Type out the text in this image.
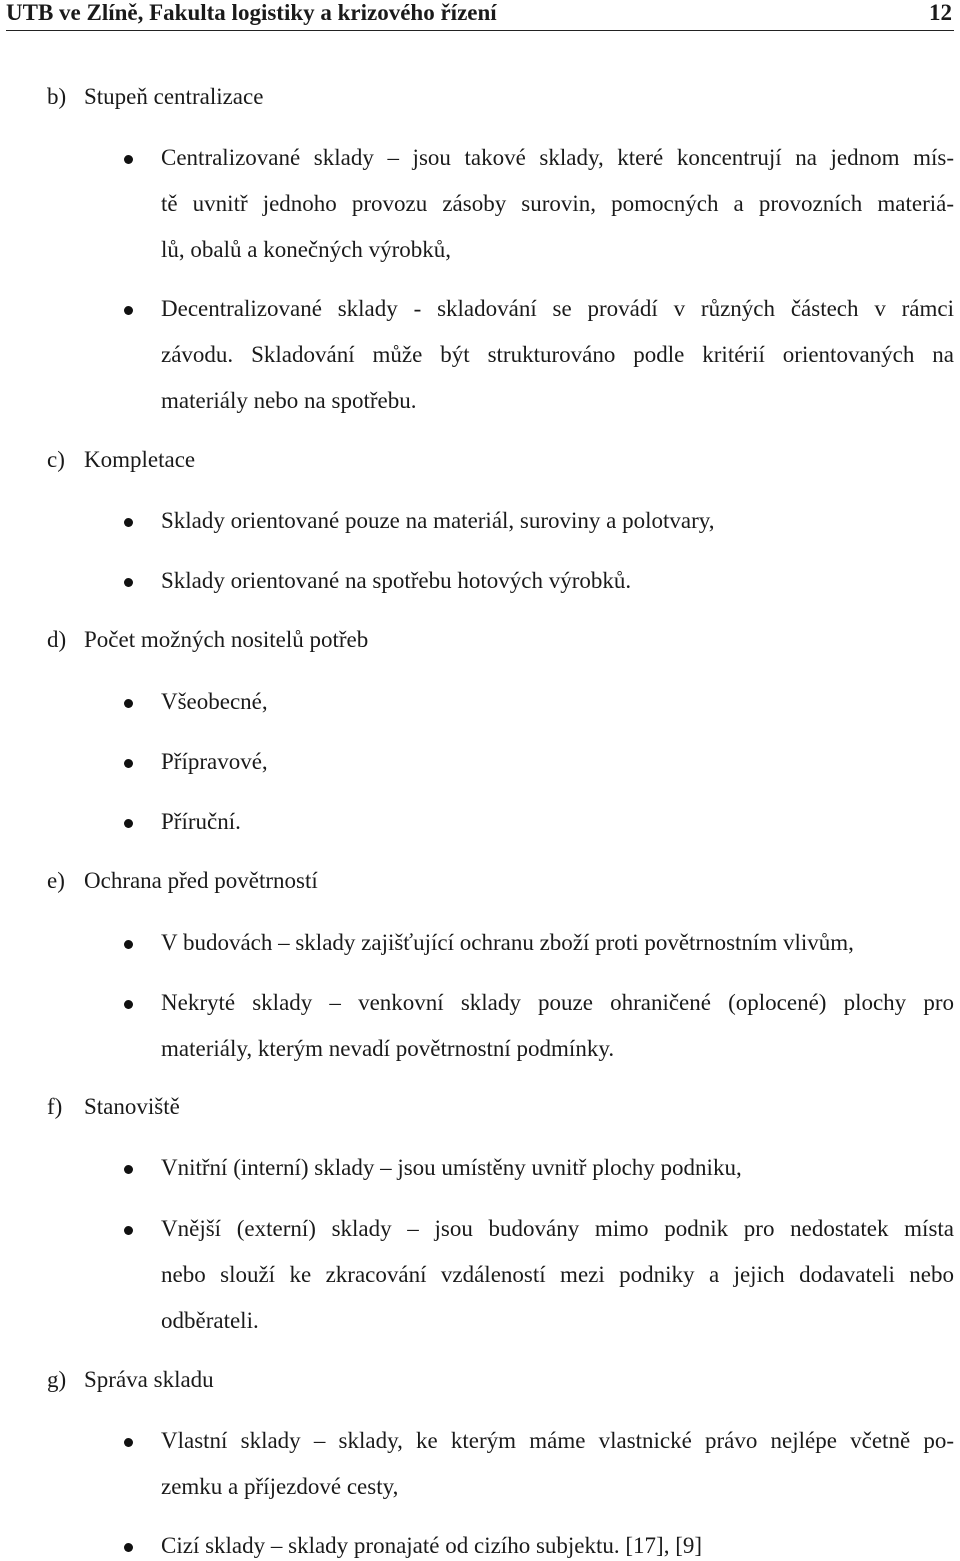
UTB ve Zlíně, Fakulta logistiky a krizového řízení	12
b) Stupeň centralizace
Centralizované sklady – jsou takové sklady, které koncentrují na jednom mís-
tě uvnitř jednoho provozu zásoby surovin, pomocných a provozních materiá-
lů, obalů a konečných výrobků,
Decentralizované sklady - skladování se provádí v různých částech v rámci
závodu. Skladování může být strukturováno podle kritérií orientovaných na
materiály nebo na spotřebu.
c) Kompletace
Sklady orientované pouze na materiál, suroviny a polotvary,
Sklady orientované na spotřebu hotových výrobků.
d) Počet možných nositelů potřeb
Všeobecné,
Přípravové,
Příruční.
e) Ochrana před povětrností
V budovách – sklady zajišťující ochranu zboží proti povětrnostním vlivům,
Nekryté sklady – venkovní sklady pouze ohraničené (oplocené) plochy pro
materiály, kterým nevadí povětrnostní podmínky.
f) Stanoviště
Vnitřní (interní) sklady – jsou umístěny uvnitř plochy podniku,
Vnější (externí) sklady – jsou budovány mimo podnik pro nedostatek místa
nebo slouží ke zkracování vzdáleností mezi podniky a jejich dodavateli nebo
odběrateli.
g) Správa skladu
Vlastní sklady – sklady, ke kterým máme vlastnické právo nejlépe včetně po-
zemku a příjezdové cesty,
Cizí sklady – sklady pronajaté od cizího subjektu. [17], [9]
